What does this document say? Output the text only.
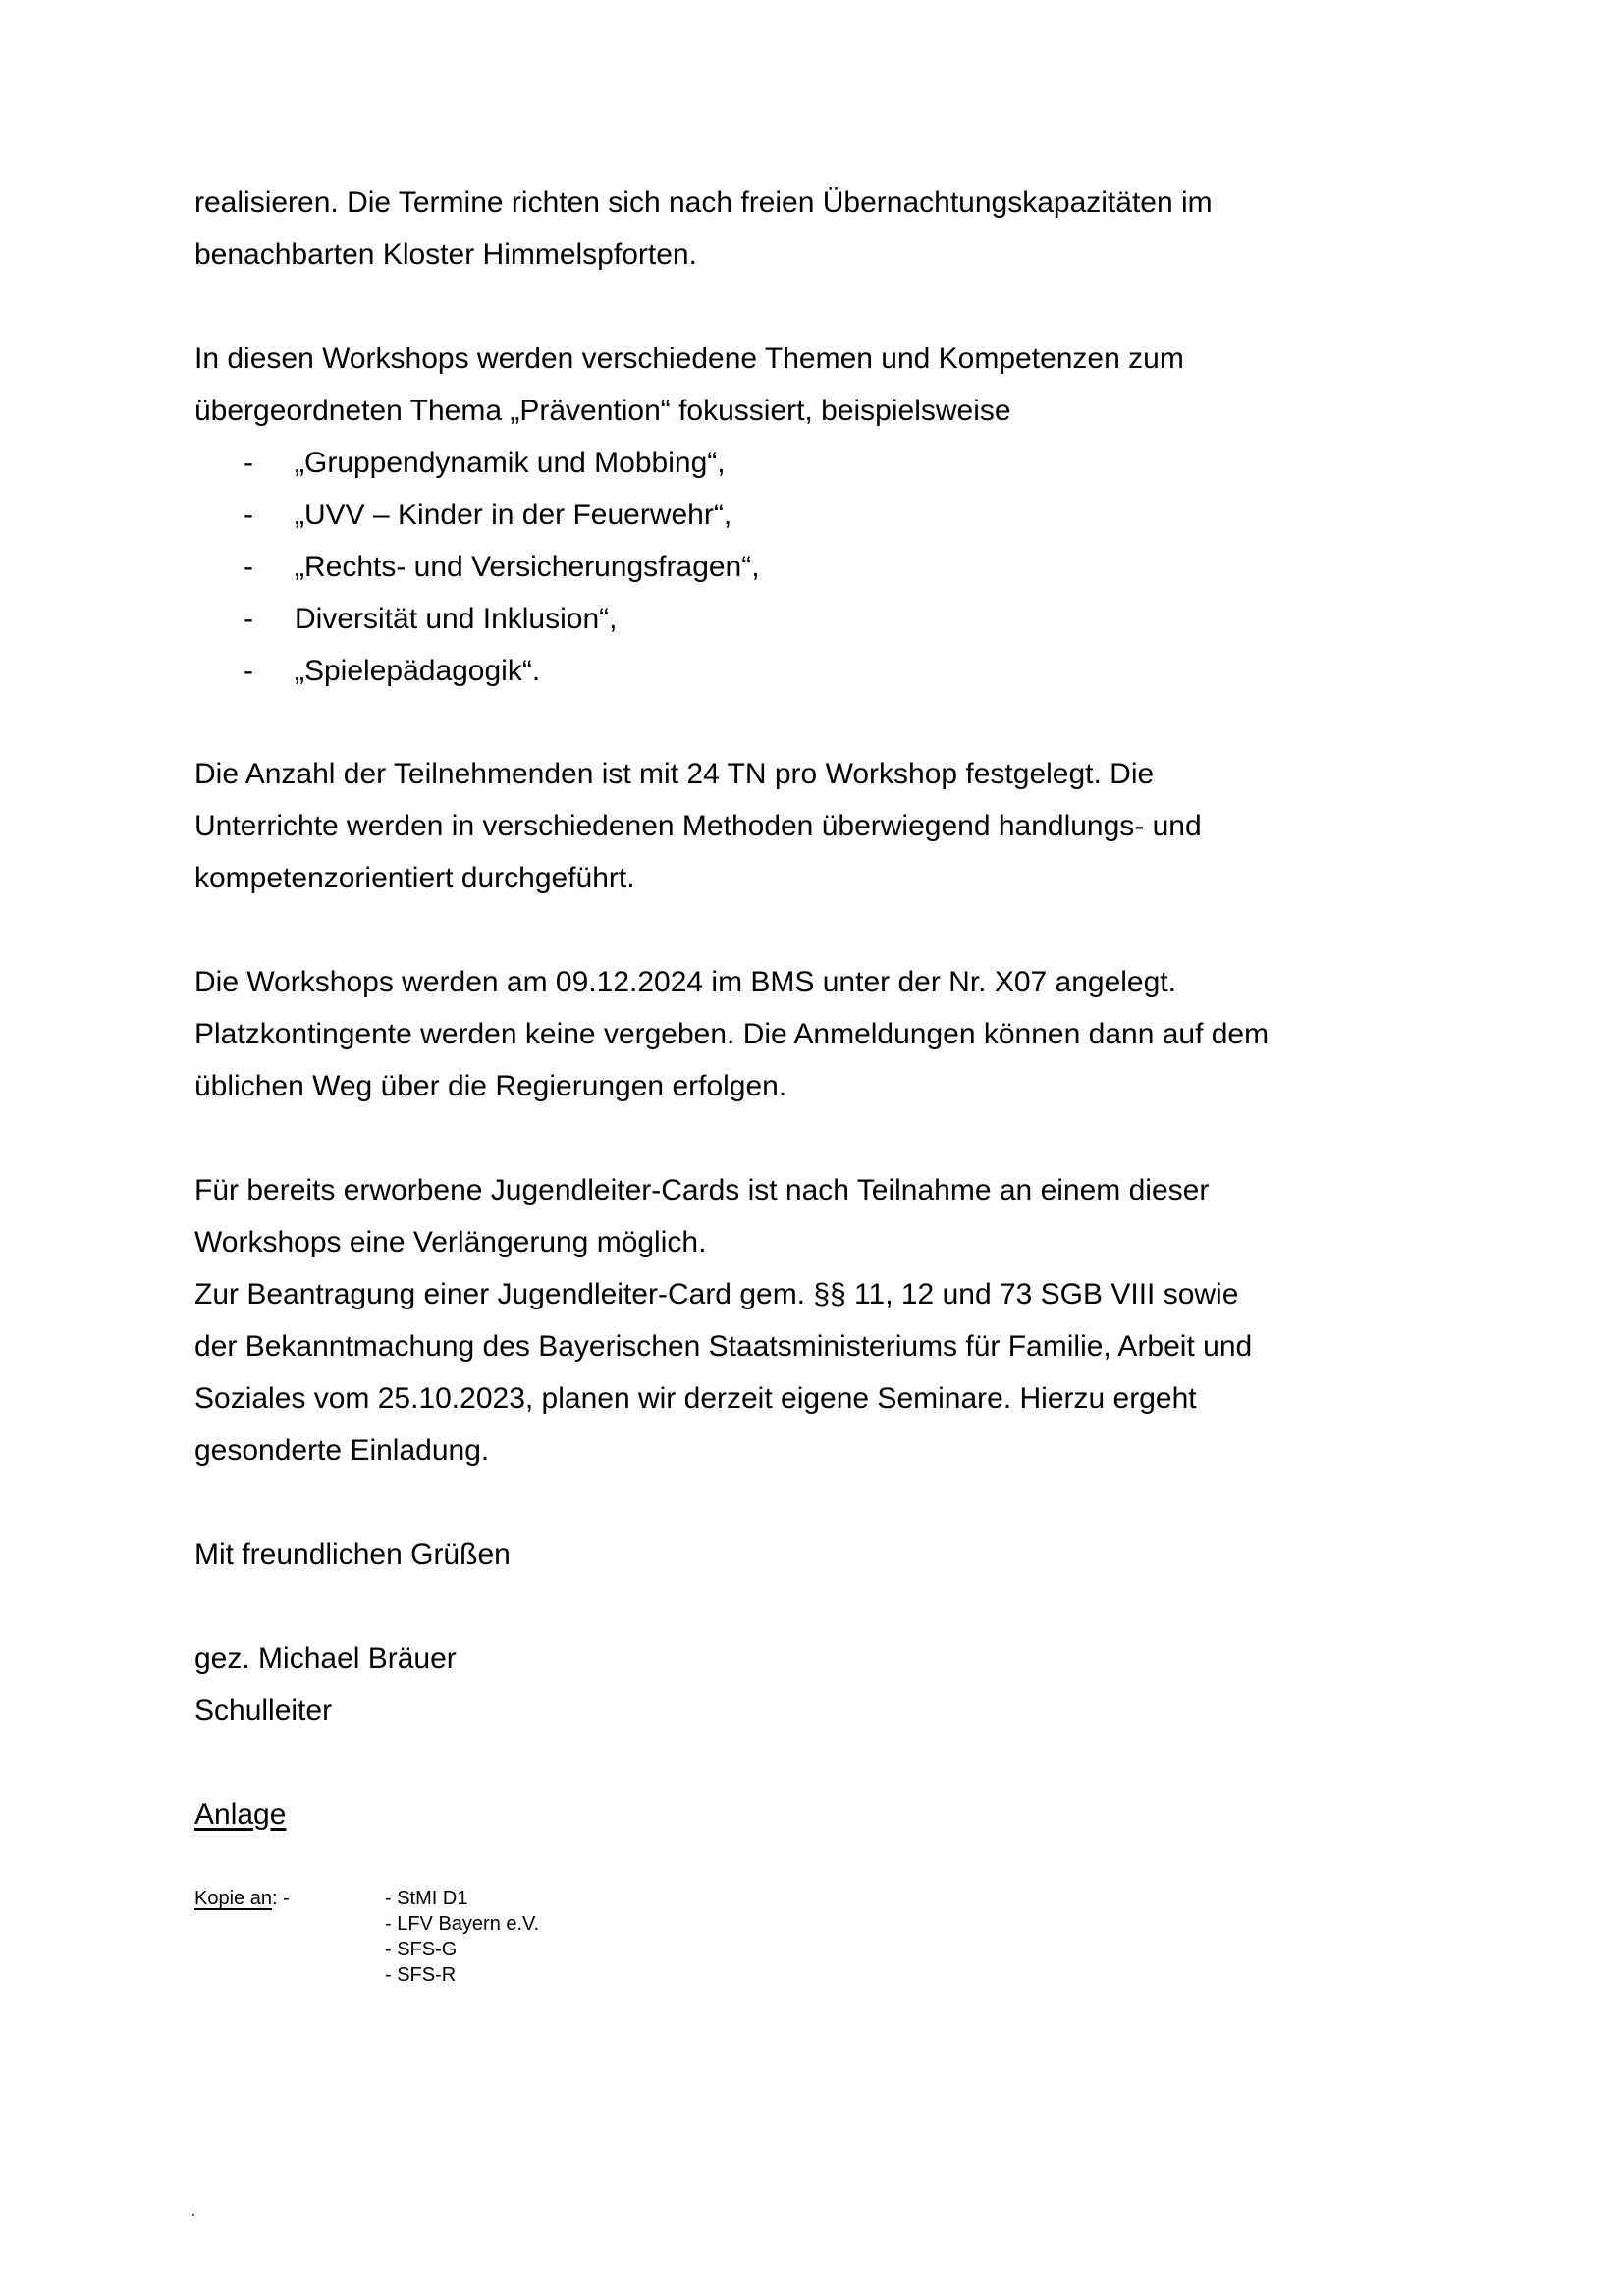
realisieren. Die Termine richten sich nach freien Übernachtungskapazitäten im
benachbarten Kloster Himmelspforten.
In diesen Workshops werden verschiedene Themen und Kompetenzen zum
übergeordneten Thema „Prävention“ fokussiert, beispielsweise
-	„Gruppendynamik und Mobbing“,
-	„UVV – Kinder in der Feuerwehr“,
-	„Rechts- und Versicherungsfragen“,
-	Diversität und Inklusion“,
-	„Spielepädagogik“.
Die Anzahl der Teilnehmenden ist mit 24 TN pro Workshop festgelegt. Die
Unterrichte werden in verschiedenen Methoden überwiegend handlungs- und
kompetenzorientiert durchgeführt.
Die Workshops werden am 09.12.2024 im BMS unter der Nr. X07 angelegt.
Platzkontingente werden keine vergeben. Die Anmeldungen können dann auf dem
üblichen Weg über die Regierungen erfolgen.
Für bereits erworbene Jugendleiter-Cards ist nach Teilnahme an einem dieser
Workshops eine Verlängerung möglich.
Zur Beantragung einer Jugendleiter-Card gem. §§ 11, 12 und 73 SGB VIII sowie
der Bekanntmachung des Bayerischen Staatsministeriums für Familie, Arbeit und
Soziales vom 25.10.2023, planen wir derzeit eigene Seminare. Hierzu ergeht
gesonderte Einladung.
Mit freundlichen Grüßen
gez. Michael Bräuer
Schulleiter
Anlage
Kopie an: -	- StMI D1
- LFV Bayern e.V.
- SFS-G
- SFS-R
